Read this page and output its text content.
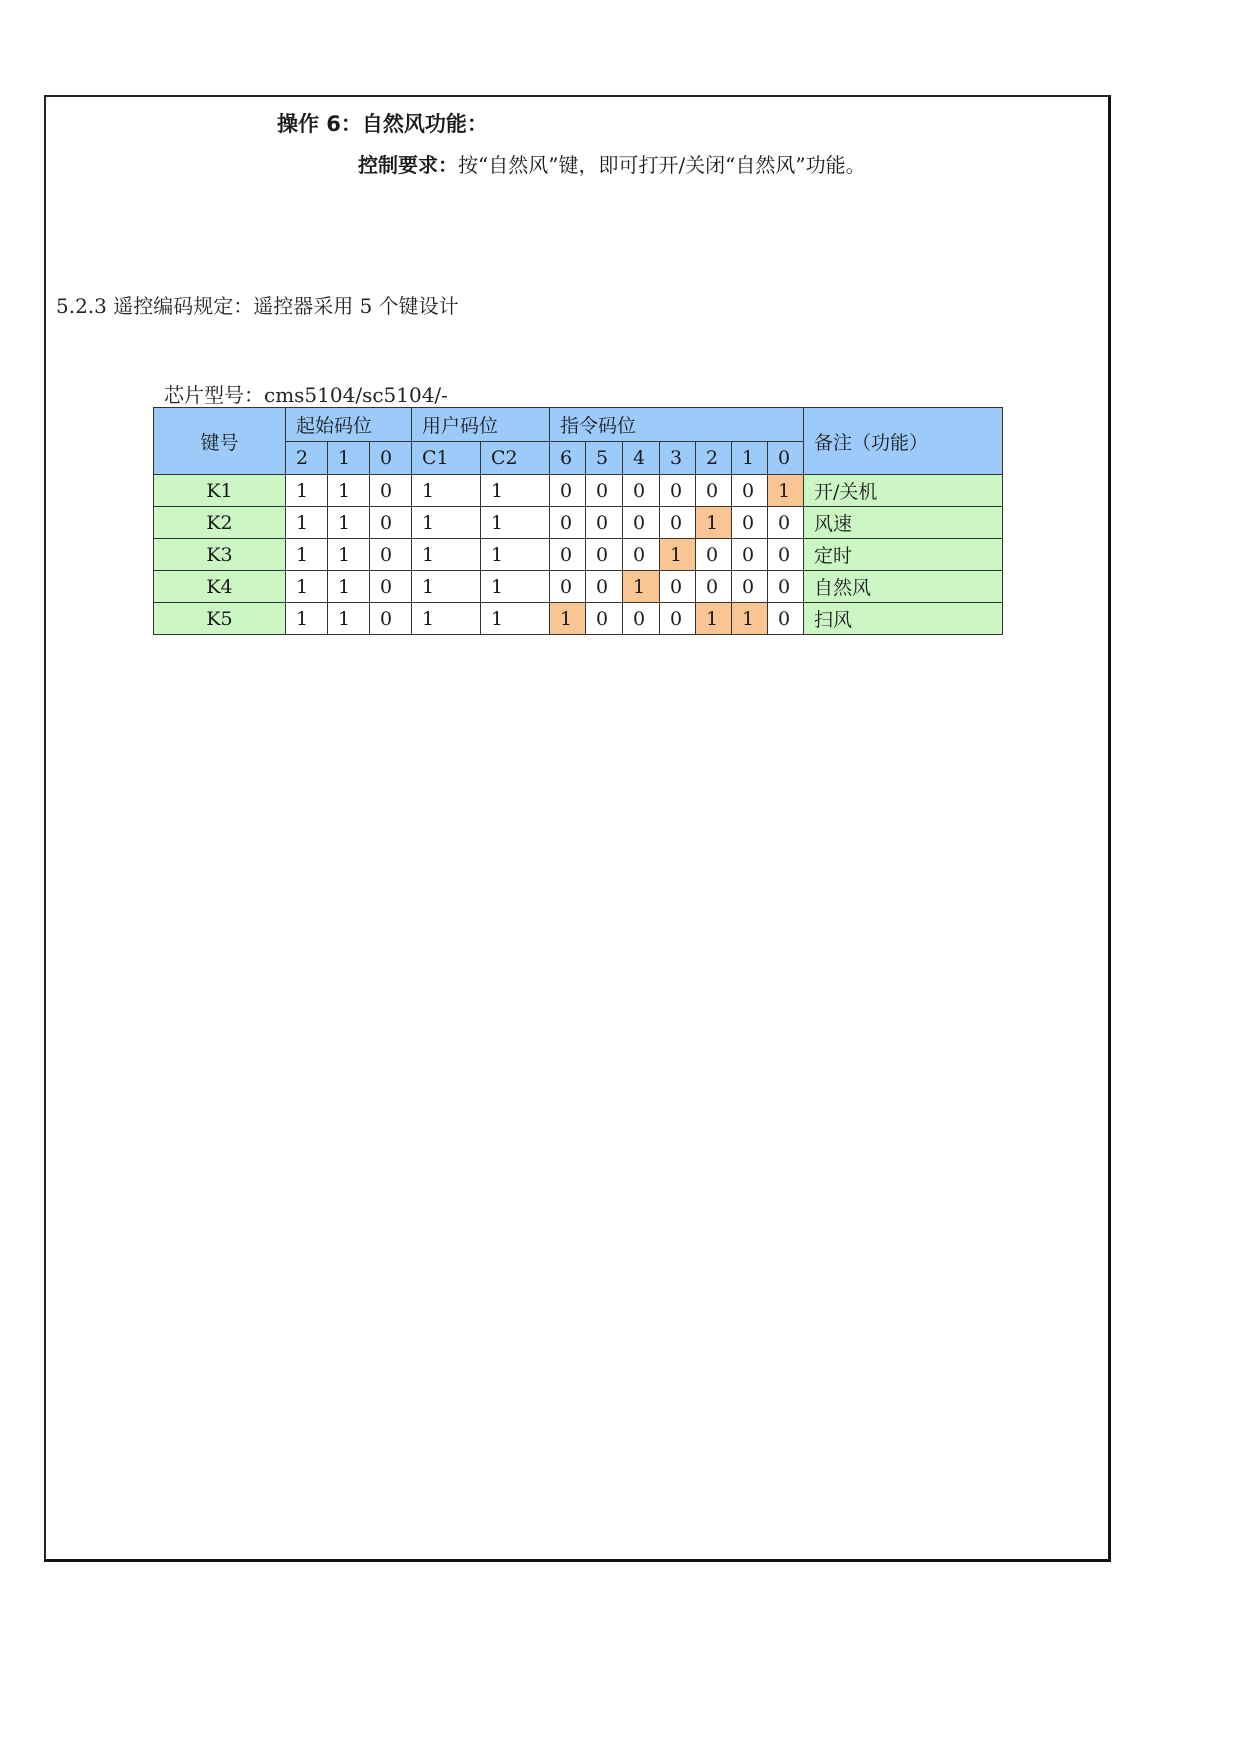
操作 6：自然风功能：
控制要求：按“自然风”键，即可打开/关闭“自然风”功能。
5.2.3 遥控编码规定：遥控器采用 5 个键设计
芯片型号：cms5104/sc5104/-
键号	起始码位			用户码位		指令码位							备注（功能）
	2	1	0	C1	C2	6	5	4	3	2	1	0	
K1	1	1	0	1	1	0	0	0	0	0	0	1	开/关机
K2	1	1	0	1	1	0	0	0	0	1	0	0	风速
K3	1	1	0	1	1	0	0	0	1	0	0	0	定时
K4	1	1	0	1	1	0	0	1	0	0	0	0	自然风
K5	1	1	0	1	1	1	0	0	0	1	1	0	扫风
